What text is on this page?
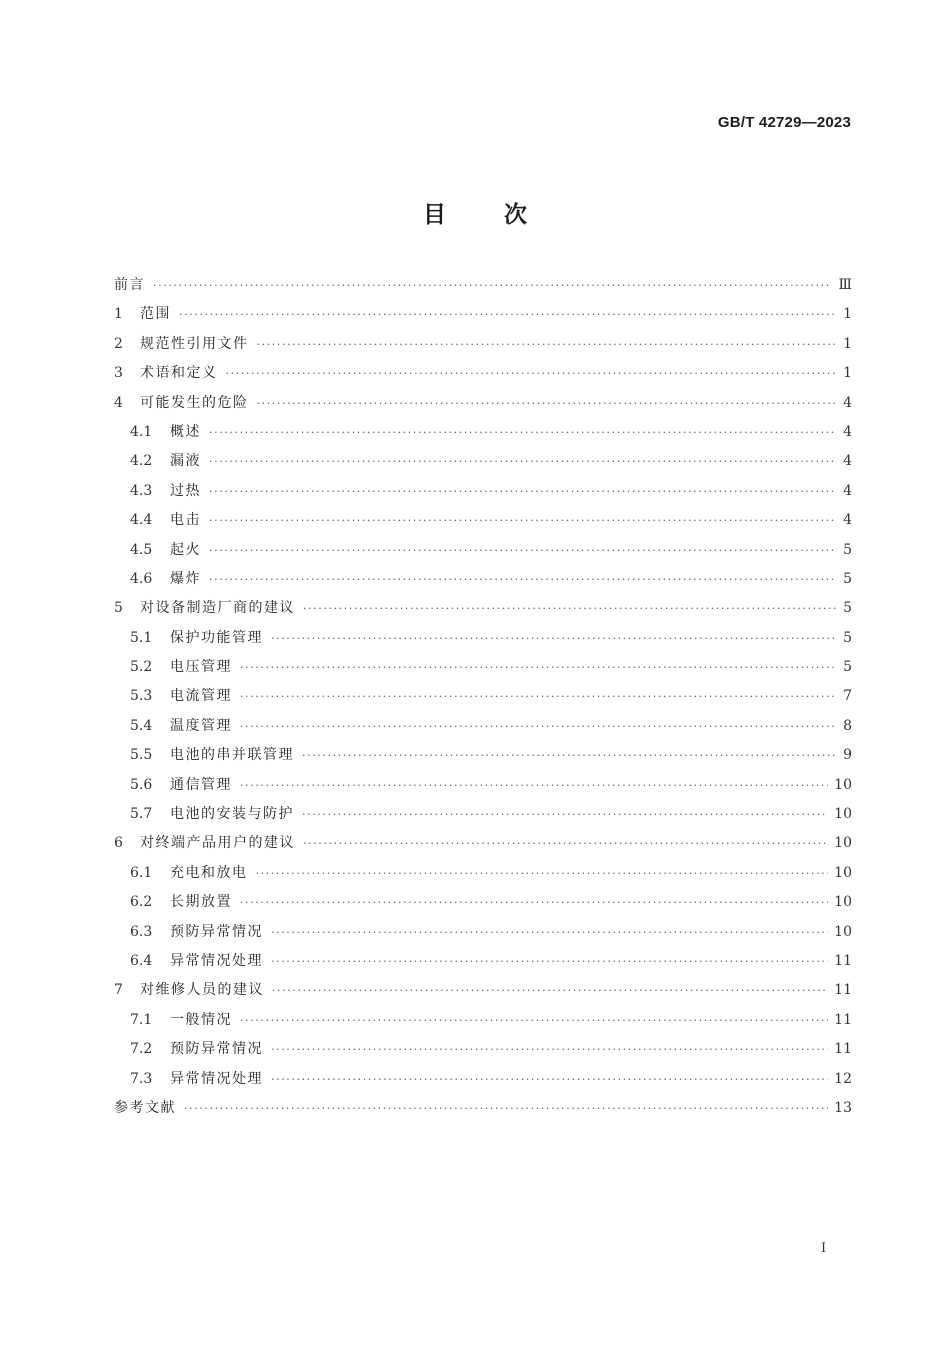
GB/T 42729—2023
目次
前言 ·····	Ⅲ
1	范围 ·····	1
2	规范性引用文件 ·····	1
3	术语和定义 ·····	1
4	可能发生的危险 ·····	4
4.1	概述 ·····	4
4.2	漏液 ·····	4
4.3	过热 ·····	4
4.4	电击 ·····	4
4.5	起火 ·····	5
4.6	爆炸 ·····	5
5	对设备制造厂商的建议 ·····	5
5.1	保护功能管理 ·····	5
5.2	电压管理 ·····	5
5.3	电流管理 ·····	7
5.4	温度管理 ·····	8
5.5	电池的串并联管理 ·····	9
5.6	通信管理 ·····	10
5.7	电池的安装与防护 ·····	10
6	对终端产品用户的建议 ·····	10
6.1	充电和放电 ·····	10
6.2	长期放置 ·····	10
6.3	预防异常情况 ·····	10
6.4	异常情况处理 ·····	11
7	对维修人员的建议 ·····	11
7.1	一般情况 ·····	11
7.2	预防异常情况 ·····	11
7.3	异常情况处理 ·····	12
参考文献 ·····	13
Ⅰ
